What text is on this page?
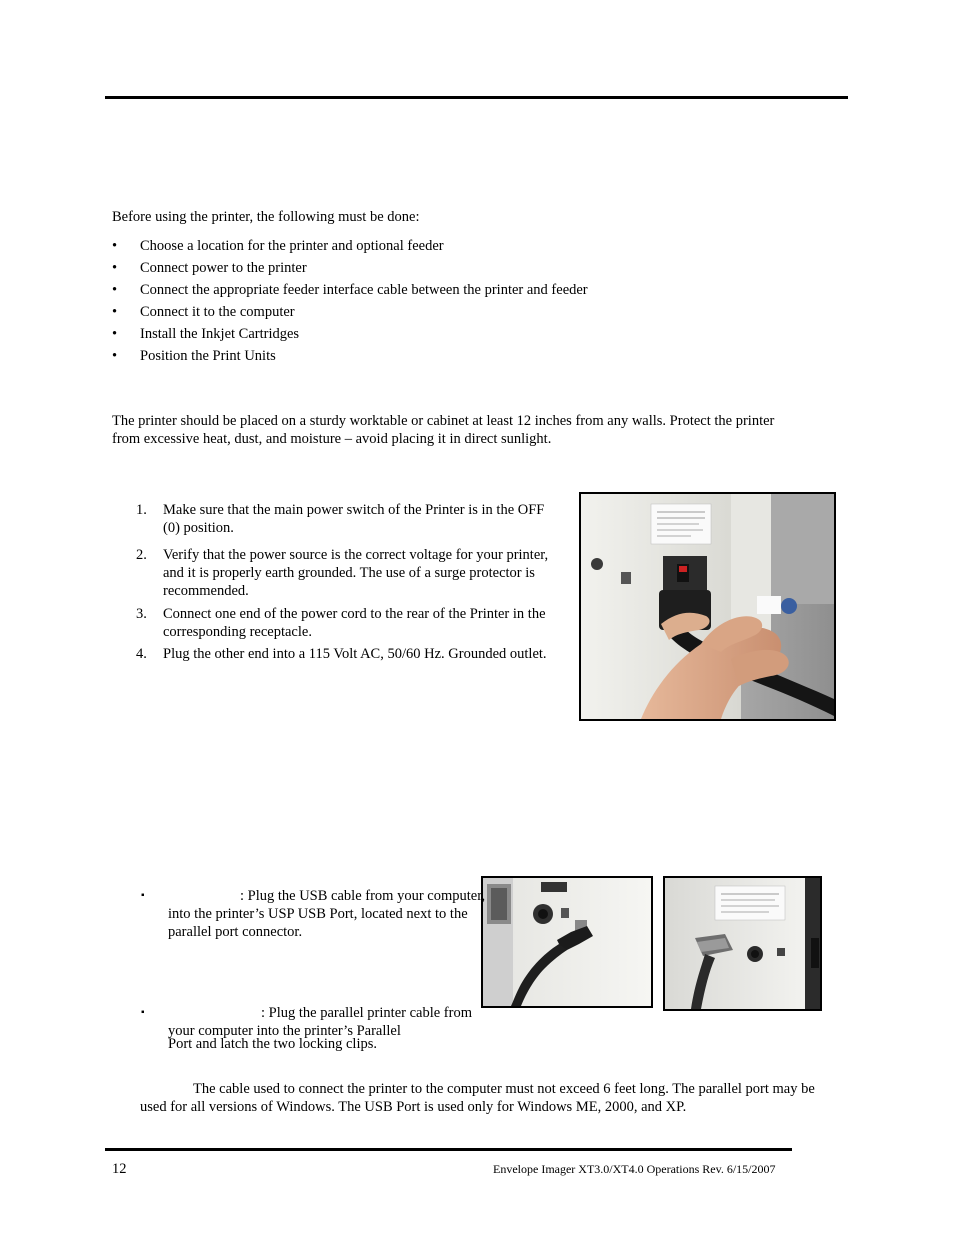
Before using the printer, the following must be done:
• Choose a location for the printer and optional feeder
• Connect power to the printer
• Connect the appropriate feeder interface cable between the printer and feeder
• Connect it to the computer
• Install the Inkjet Cartridges
• Position the Print Units
The printer should be placed on a sturdy worktable or cabinet at least 12 inches from any walls. Protect the printer from excessive heat, dust, and moisture – avoid placing it in direct sunlight.
1. Make sure that the main power switch of the Printer is in the OFF (0) position.
2. Verify that the power source is the correct voltage for your printer, and it is properly earth grounded. The use of a surge protector is recommended.
3. Connect one end of the power cord to the rear of the Printer in the corresponding receptacle.
4. Plug the other end into a 115 Volt AC, 50/60 Hz. Grounded outlet.
▪	: Plug the USB cable from your computer, into the printer’s USP USB Port, located next to the parallel port connector.
▪	: Plug the parallel printer cable from your computer into the printer’s Parallel
Port and latch the two locking clips.
The cable used to connect the printer to the computer must not exceed 6 feet long. The parallel port may be used for all versions of Windows. The USB Port is used only for Windows ME, 2000, and XP.
12	Envelope Imager XT3.0/XT4.0 Operations Rev. 6/15/2007
